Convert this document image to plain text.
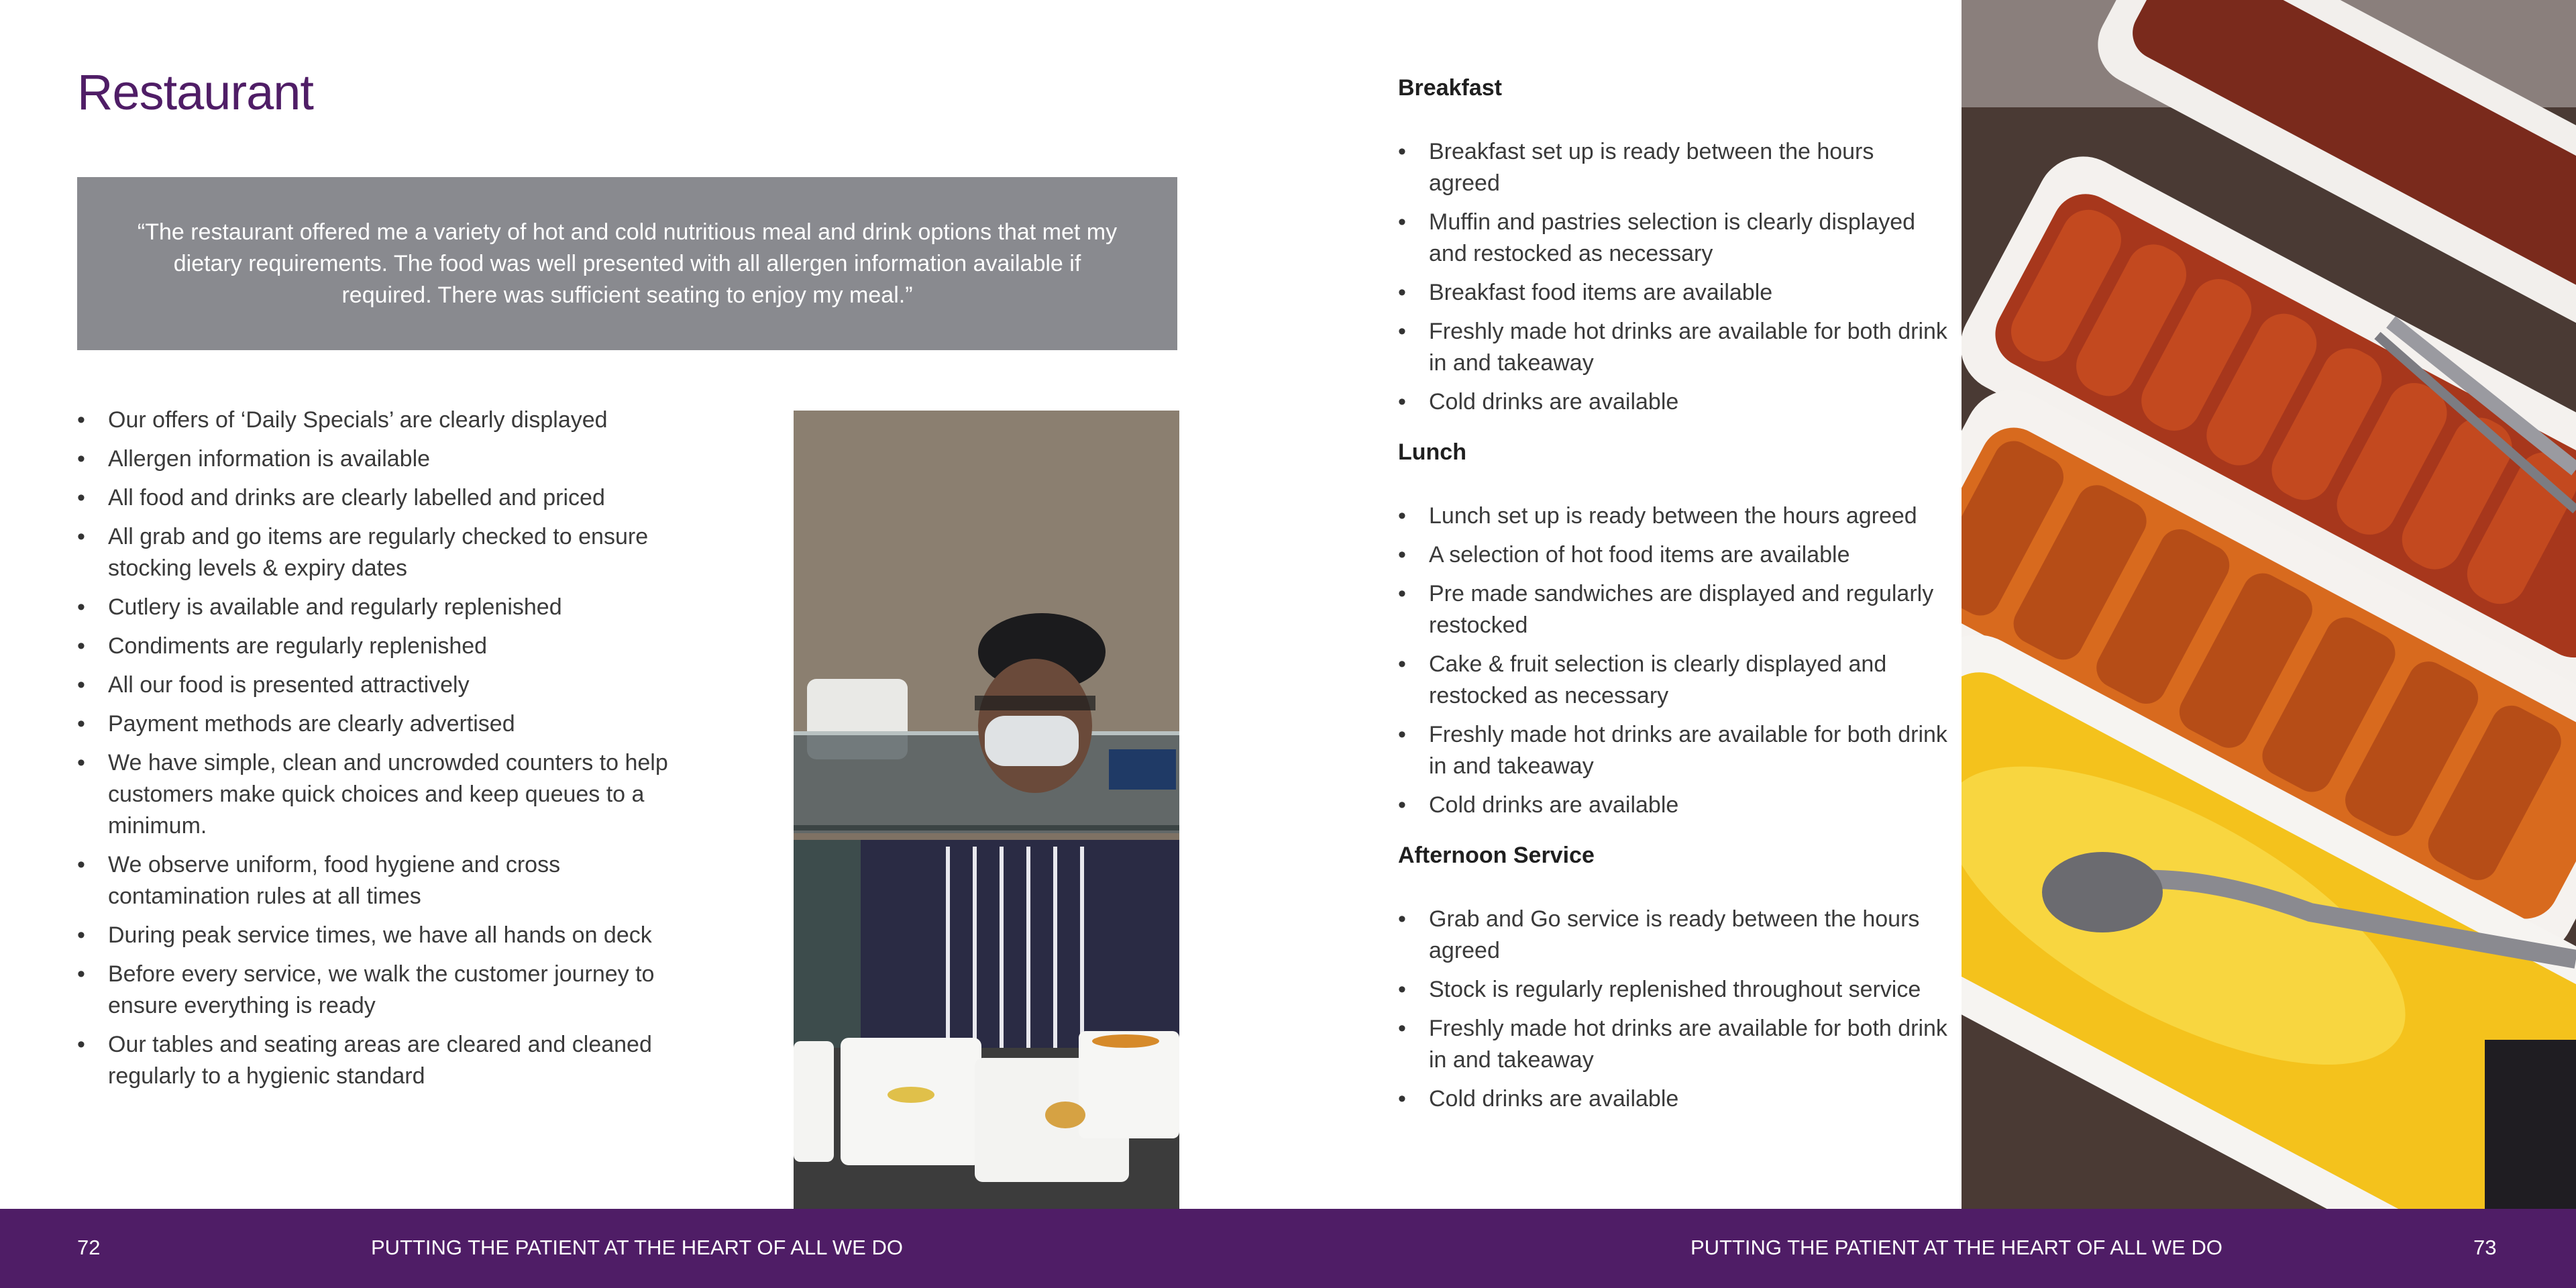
Restaurant

“The restaurant offered me a variety of hot and cold nutritious meal and drink options that met my dietary requirements. The food was well presented with all allergen information available if required. There was sufficient seating to enjoy my meal.”

• Our offers of ‘Daily Specials’ are clearly displayed
• Allergen information is available
• All food and drinks are clearly labelled and priced
• All grab and go items are regularly checked to ensure stocking levels & expiry dates
• Cutlery is available and regularly replenished
• Condiments are regularly replenished
• All our food is presented attractively
• Payment methods are clearly advertised
• We have simple, clean and uncrowded counters to help customers make quick choices and keep queues to a minimum.
• We observe uniform, food hygiene and cross contamination rules at all times
• During peak service times, we have all hands on deck
• Before every service, we walk the customer journey to ensure everything is ready
• Our tables and seating areas are cleared and cleaned regularly to a hygienic standard
Breakfast
• Breakfast set up is ready between the hours agreed
• Muffin and pastries selection is clearly displayed and restocked as necessary
• Breakfast food items are available
• Freshly made hot drinks are available for both drink in and takeaway
• Cold drinks are available
Lunch
• Lunch set up is ready between the hours agreed
• A selection of hot food items are available
• Pre made sandwiches are displayed and regularly restocked
• Cake & fruit selection is clearly displayed and restocked as necessary
• Freshly made hot drinks are available for both drink in and takeaway
• Cold drinks are available
Afternoon Service
• Grab and Go service is ready between the hours agreed
• Stock is regularly replenished throughout service
• Freshly made hot drinks are available for both drink in and takeaway
• Cold drinks are available
72	PUTTING THE PATIENT AT THE HEART OF ALL WE DO	PUTTING THE PATIENT AT THE HEART OF ALL WE DO	73
